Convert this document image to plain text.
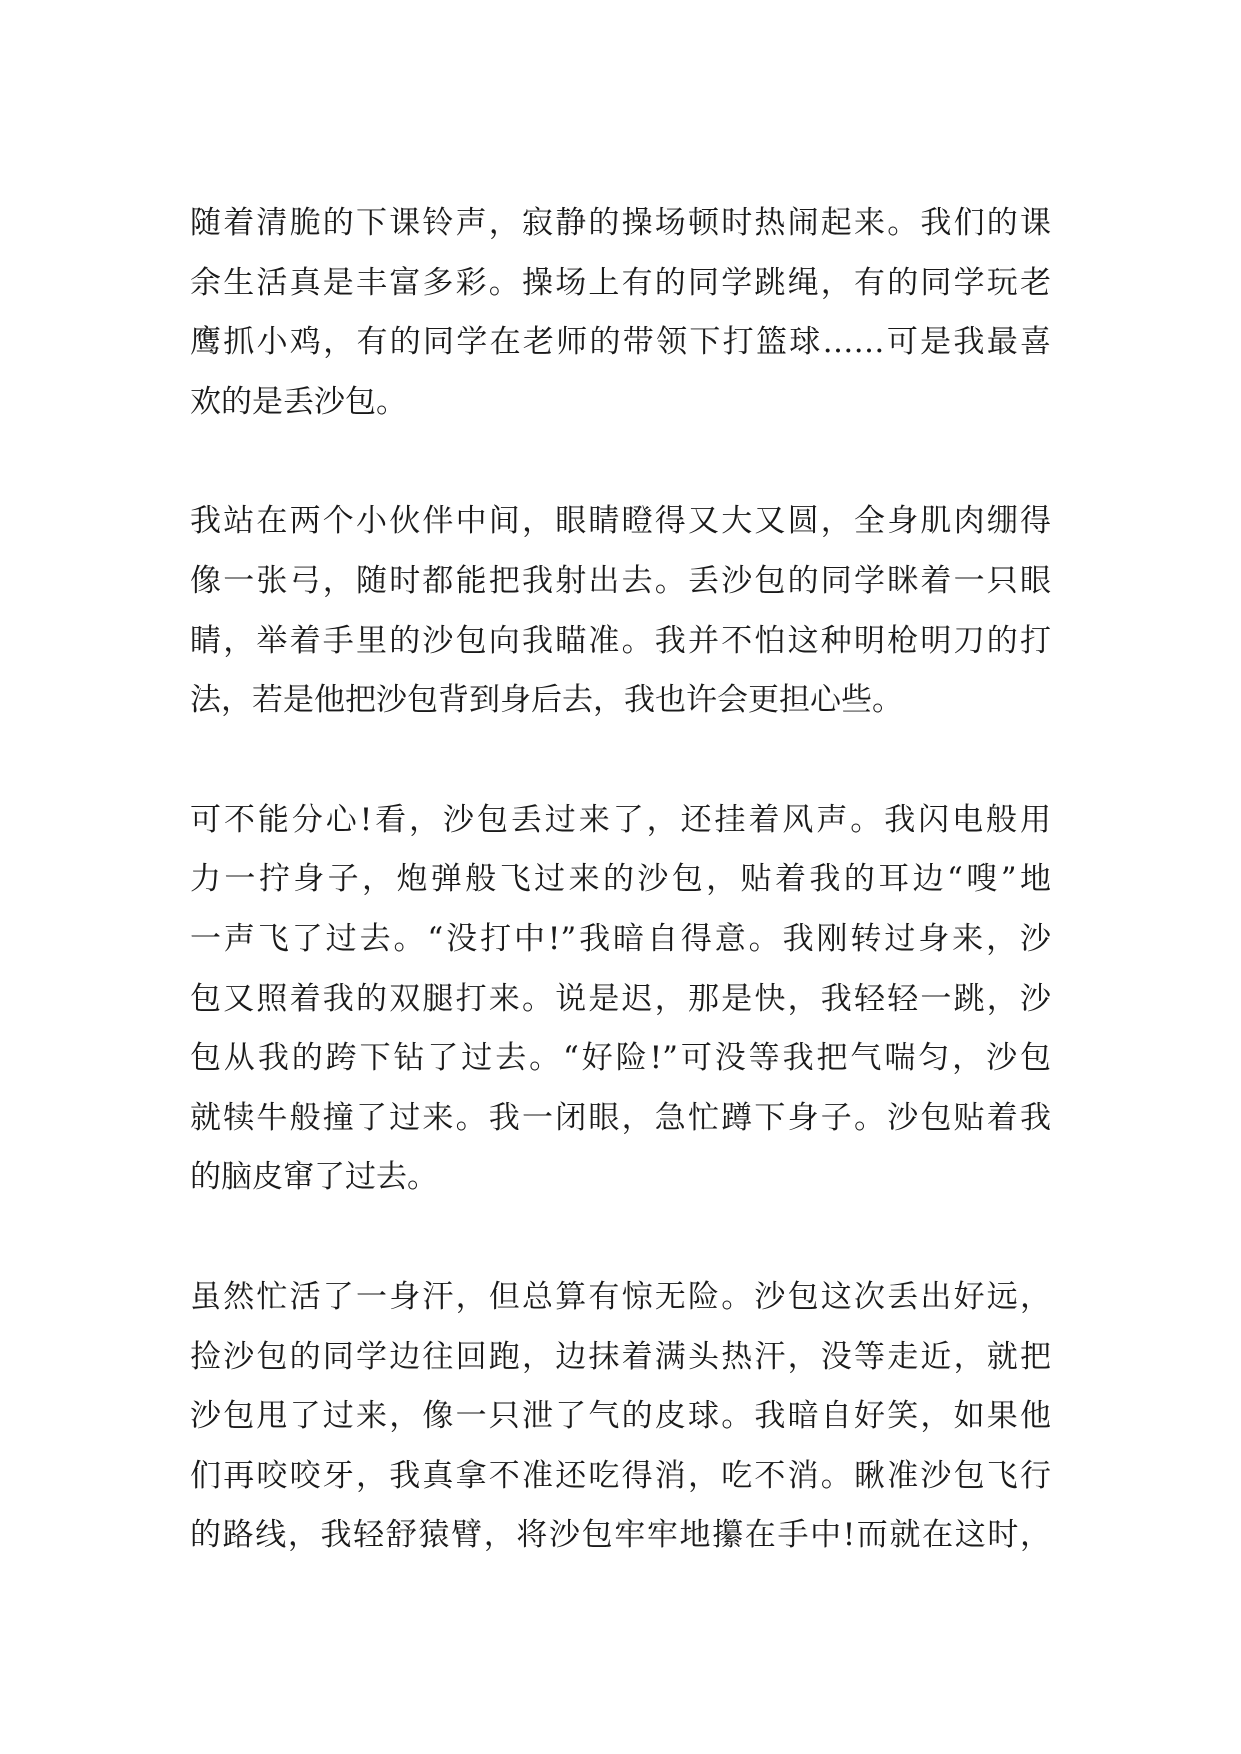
随着清脆的下课铃声，寂静的操场顿时热闹起来。我们的课
余生活真是丰富多彩。操场上有的同学跳绳，有的同学玩老
鹰抓小鸡，有的同学在老师的带领下打篮球……可是我最喜
欢的是丢沙包。

我站在两个小伙伴中间，眼睛瞪得又大又圆，全身肌肉绷得
像一张弓，随时都能把我射出去。丢沙包的同学眯着一只眼
睛，举着手里的沙包向我瞄准。我并不怕这种明枪明刀的打
法，若是他把沙包背到身后去，我也许会更担心些。

可不能分心!看，沙包丢过来了，还挂着风声。我闪电般用
力一拧身子，炮弹般飞过来的沙包，贴着我的耳边“嗖”地
一声飞了过去。“没打中!”我暗自得意。我刚转过身来，沙
包又照着我的双腿打来。说是迟，那是快，我轻轻一跳，沙
包从我的跨下钻了过去。“好险!”可没等我把气喘匀，沙包
就犊牛般撞了过来。我一闭眼，急忙蹲下身子。沙包贴着我
的脑皮窜了过去。

虽然忙活了一身汗，但总算有惊无险。沙包这次丢出好远，
捡沙包的同学边往回跑，边抹着满头热汗，没等走近，就把
沙包甩了过来，像一只泄了气的皮球。我暗自好笑，如果他
们再咬咬牙，我真拿不准还吃得消，吃不消。瞅准沙包飞行
的路线，我轻舒猿臂，将沙包牢牢地攥在手中!而就在这时，
